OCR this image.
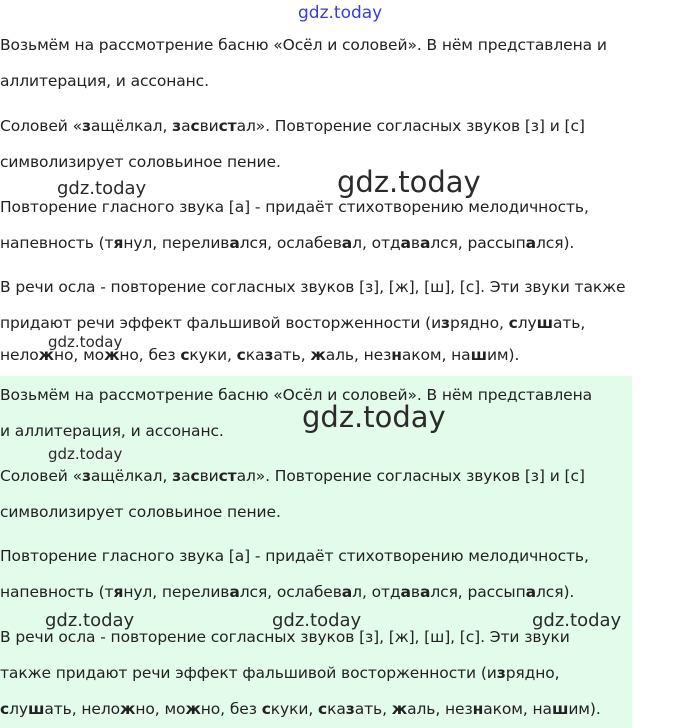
gdz.today
Возьмём на рассмотрение басню «Осёл и соловей». В нём представлена и
аллитерация, и ассонанс.
Соловей «защёлкал, засвистал». Повторение согласных звуков [з] и [с]
символизирует соловьиное пение.
Повторение гласного звука [а] - придаёт стихотворению мелодичность,
напевность (тянул, переливался, ослабевал, отдавался, рассыпался).
В речи осла - повторение согласных звуков [з], [ж], [ш], [с]. Эти звуки также
придают речи эффект фальшивой восторженности (изрядно, слушать,
неложно, можно, без скуки, сказать, жаль, незнаком, нашим).
Возьмём на рассмотрение басню «Осёл и соловей». В нём представлена
и аллитерация, и ассонанс.
Соловей «защёлкал, засвистал». Повторение согласных звуков [з] и [с]
символизирует соловьиное пение.
Повторение гласного звука [а] - придаёт стихотворению мелодичность,
напевность (тянул, переливался, ослабевал, отдавался, рассыпался).
В речи осла - повторение согласных звуков [з], [ж], [ш], [с]. Эти звуки
также придают речи эффект фальшивой восторженности (изрядно,
слушать, неложно, можно, без скуки, сказать, жаль, незнаком, нашим).
gdz.today	gdz.today
gdz.today
gdz.today
gdz.today
gdz.today	gdz.today	gdz.today
